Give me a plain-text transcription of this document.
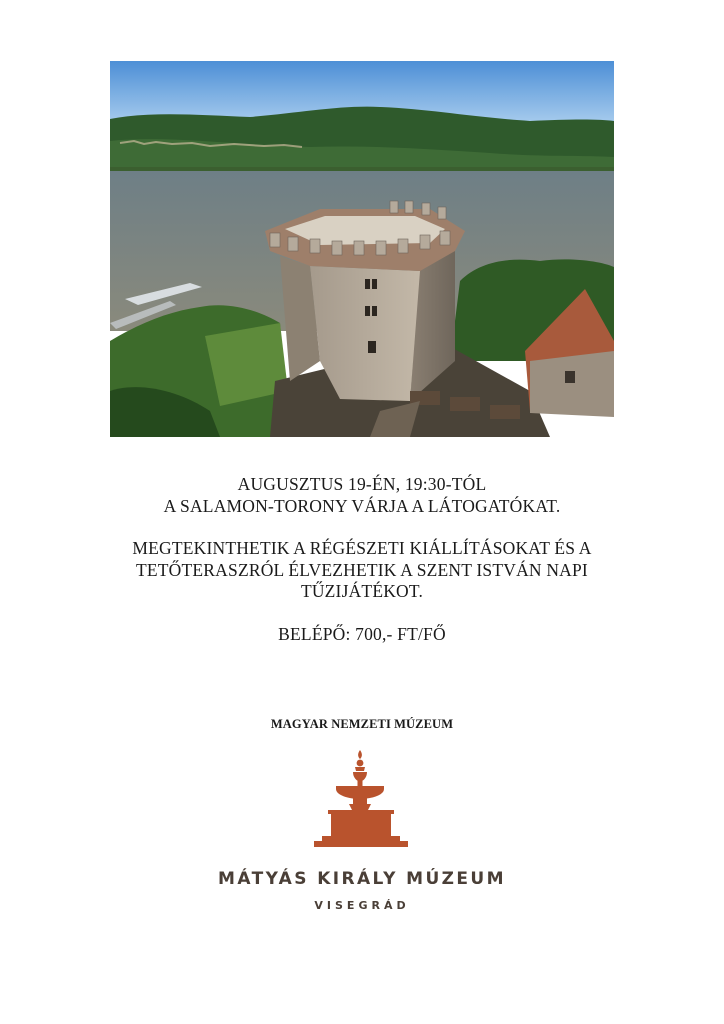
AUGUSZTUS 19-ÉN, 19:30-TÓL
A SALAMON-TORONY VÁRJA A LÁTOGATÓKAT.
MEGTEKINTHETIK A RÉGÉSZETI KIÁLLÍTÁSOKAT ÉS A
TETŐTERASZRÓL ÉLVEZHETIK A SZENT ISTVÁN NAPI
TŰZIJÁTÉKOT.
BELÉPŐ: 700,- FT/FŐ
MAGYAR NEMZETI MÚZEUM
MÁTYÁS KIRÁLY MÚZEUM
VISEGRÁD
